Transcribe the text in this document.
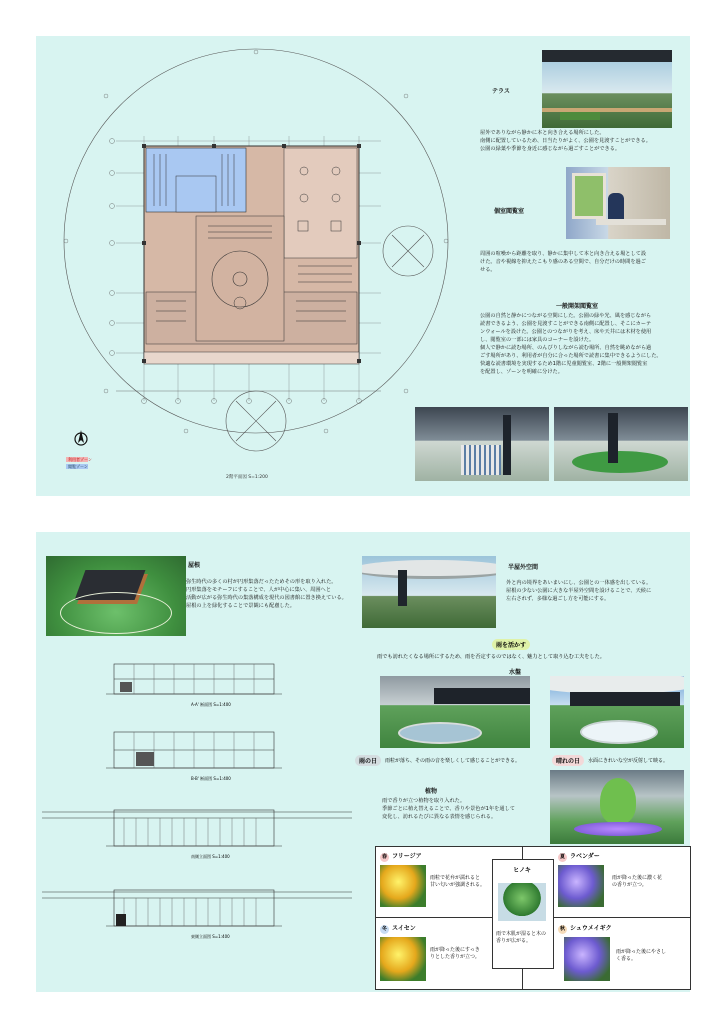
利用者ゾーン
閲覧ゾーン
2階平面図 S=1:200
テラス

屋外でありながら静かに本と向き合える場所にした。

南側に配置しているため、日当たりがよく、公園を見渡すことができる。

公園の緑葉や季節を身近に感じながら過ごすことができる。

個室閲覧室

周囲の喧噪から距離を取り、静かに集中して本と向き合える場として設

けた。音や視線を抑えたこもり感のある空間で、自分だけの時間を過ご

せる。

一般開架閲覧室

公園の自然と静かにつながる空間にした。公園の緑や光、風を感じながら

読書できるよう、公園を見渡すことができる南側に配置し、そこにカーテ

ンウォールを設けた。公園とのつながりを考え、床や天井には木材を使用

し、閲覧室の一部には家具のコーナーを設けた。

個人で静かに読む場所、のんびりしながら読む場所、自然を眺めながら過

ごす場所があり、利用者が自分に合った場所で読書に集中できるようにした。

快適な読書環境を実現するため1階に児童閲覧室、2階に一般開架閲覧室

を配置し、ゾーンを明確に分けた。

屋根

弥生時代の多くの村が円形集落だったためその形を取り入れた。

円形集落をモチーフにすることで、人が中心に集い、周囲へと

活動が広がる弥生時代の集落構成を現代の図書館に置き換えている。

屋根の上を緑化することで景観にも配慮した。

半屋外空間

外と内の境界をあいまいにし、公園との一体感を出している。

屋根の少ない公園に大きな半屋外空間を設けることで、天候に

左右されず、多様な過ごし方を可能にする。

A-A' 断面図 S=1:400
B-B' 断面図 S=1:400
南側立面図 S=1:400
東側立面図 S=1:400
雨を活かす
雨でも訪れたくなる場所にするため、雨を否定するのではなく、魅力として取り込む工夫をした。
水盤
雨の日	雨粒が落ち、その雨の音を楽しくして感じることができる。	晴れの日	水面にきれいな空が反射して映る。
植物

雨で香りが立つ植物を取り入れた。

季節ごとに植え替えることで、香りや景色が1年を通して

変化し、訪れるたびに異なる表情を感じられる。

春 フリージア
雨粒で花弁が濡れると
甘い匂いが強調される。
夏 ラベンダー
雨が降った後に濃く花
の香りが立つ。
冬 スイセン
雨が降った後にすっき
りとした香りが立つ。
秋 シュウメイギク
雨が降った後にやさし
く香る。
ヒノキ
雨で木肌が湿ると木の
香りが広がる。
